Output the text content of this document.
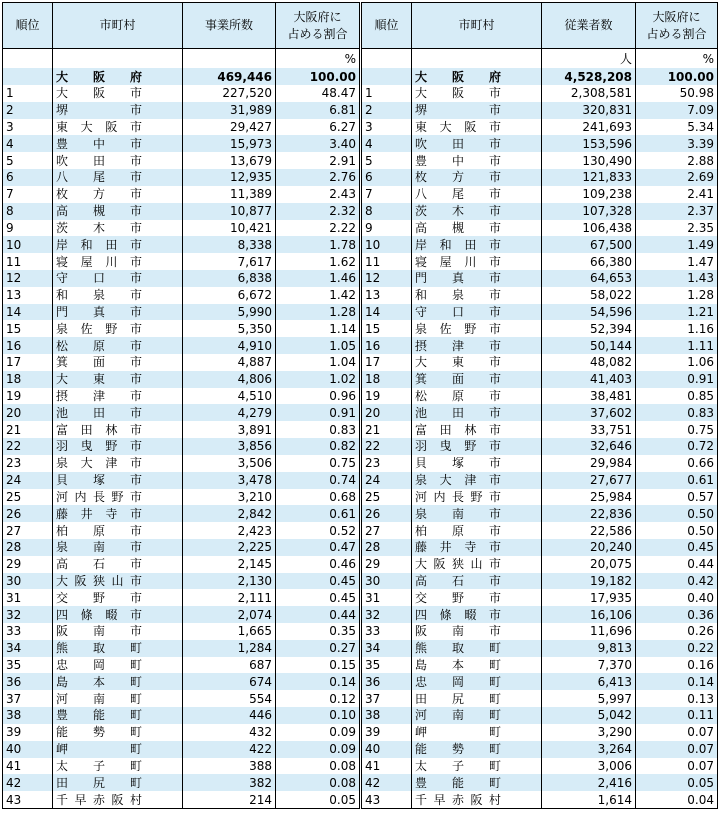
順位	市町村	事業所数	大阪府に
占める割合
			%

	大　阪　府	469,446	100.00
1	大　阪　市	227,520	48.47
2	堺　　　　市	31,989	6.81
3	東 大 阪 市	29,427	6.27
4	豊　中　市	15,973	3.40
5	吹　田　市	13,679	2.91
6	八　尾　市	12,935	2.76
7	枚　方　市	11,389	2.43
8	高　槻　市	10,877	2.32
9	茨　木　市	10,421	2.22
10	岸 和 田 市	8,338	1.78
11	寝 屋 川 市	7,617	1.62
12	守　口　市	6,838	1.46
13	和　泉　市	6,672	1.42
14	門　真　市	5,990	1.28
15	泉 佐 野 市	5,350	1.14
16	松　原　市	4,910	1.05
17	箕　面　市	4,887	1.04
18	大　東　市	4,806	1.02
19	摂　津　市	4,510	0.96
20	池　田　市	4,279	0.91
21	富 田 林 市	3,891	0.83
22	羽 曳 野 市	3,856	0.82
23	泉 大 津 市	3,506	0.75
24	貝　塚　市	3,478	0.74
25	河内長野市	3,210	0.68
26	藤 井 寺 市	2,842	0.61
27	柏　原　市	2,423	0.52
28	泉　南　市	2,225	0.47
29	高　石　市	2,145	0.46
30	大阪狭山市	2,130	0.45
31	交　野　市	2,111	0.45
32	四 條 畷 市	2,074	0.44
33	阪　南　市	1,665	0.35
34	熊　取　町	1,284	0.27
35	忠　岡　町	687	0.15
36	島　本　町	674	0.14
37	河　南　町	554	0.12
38	豊　能　町	446	0.10
39	能　勢　町	432	0.09
40	岬　　　　町	422	0.09
41	太　子　町	388	0.08
42	田　尻　町	382	0.08
43	千早赤阪村	214	0.05
順位	市町村	従業者数	大阪府に
占める割合
		人	%

	大　阪　府	4,528,208	100.00
1	大　阪　市	2,308,581	50.98
2	堺　　　　市	320,831	7.09
3	東 大 阪 市	241,693	5.34
4	吹　田　市	153,596	3.39
5	豊　中　市	130,490	2.88
6	枚　方　市	121,833	2.69
7	八　尾　市	109,238	2.41
8	茨　木　市	107,328	2.37
9	高　槻　市	106,438	2.35
10	岸 和 田 市	67,500	1.49
11	寝 屋 川 市	66,380	1.47
12	門　真　市	64,653	1.43
13	和　泉　市	58,022	1.28
14	守　口　市	54,596	1.21
15	泉 佐 野 市	52,394	1.16
16	摂　津　市	50,144	1.11
17	大　東　市	48,082	1.06
18	箕　面　市	41,403	0.91
19	松　原　市	38,481	0.85
20	池　田　市	37,602	0.83
21	富 田 林 市	33,751	0.75
22	羽 曳 野 市	32,646	0.72
23	貝　塚　市	29,984	0.66
24	泉 大 津 市	27,677	0.61
25	河内長野市	25,984	0.57
26	泉　南　市	22,836	0.50
27	柏　原　市	22,586	0.50
28	藤 井 寺 市	20,240	0.45
29	大阪狭山市	20,075	0.44
30	高　石　市	19,182	0.42
31	交　野　市	17,935	0.40
32	四 條 畷 市	16,106	0.36
33	阪　南　市	11,696	0.26
34	熊　取　町	9,813	0.22
35	島　本　町	7,370	0.16
36	忠　岡　町	6,413	0.14
37	田　尻　町	5,997	0.13
38	河　南　町	5,042	0.11
39	岬　　　　町	3,290	0.07
40	能　勢　町	3,264	0.07
41	太　子　町	3,006	0.07
42	豊　能　町	2,416	0.05
43	千早赤阪村	1,614	0.04
